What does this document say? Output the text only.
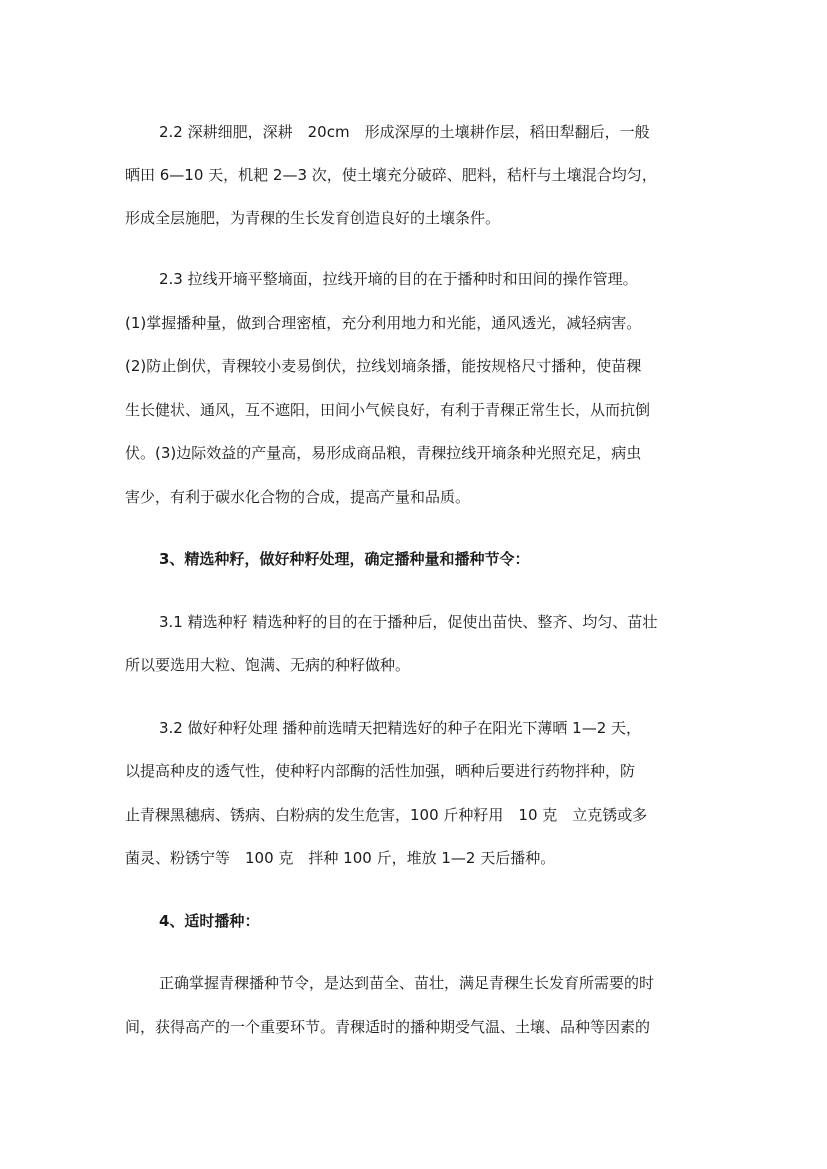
2.2 深耕细肥，深耕　20cm　形成深厚的土壤耕作层，稻田犁翻后，一般
晒田 6—10 天，机耙 2—3 次，使土壤充分破碎、肥料，秸杆与土壤混合均匀，
形成全层施肥，为青稞的生长发育创造良好的土壤条件。
2.3 拉线开墒平整墒面，拉线开墒的目的在于播种时和田间的操作管理。
(1)掌握播种量，做到合理密植，充分利用地力和光能，通风透光，减轻病害。
(2)防止倒伏，青稞较小麦易倒伏，拉线划墒条播，能按规格尺寸播种，使苗稞
生长健状、通风，互不遮阳，田间小气候良好，有利于青稞正常生长，从而抗倒
伏。(3)边际效益的产量高，易形成商品粮，青稞拉线开墒条种光照充足，病虫
害少，有利于碳水化合物的合成，提高产量和品质。
3、精选种籽，做好种籽处理，确定播种量和播种节令：
3.1 精选种籽 精选种籽的目的在于播种后，促使出苗快、整齐、均匀、苗壮
所以要选用大粒、饱满、无病的种籽做种。
3.2 做好种籽处理 播种前选晴天把精选好的种子在阳光下薄晒 1—2 天，
以提高种皮的透气性，使种籽内部酶的活性加强，晒种后要进行药物拌种，防
止青稞黑穗病、锈病、白粉病的发生危害，100 斤种籽用　10 克　立克锈或多
菌灵、粉锈宁等　100 克　拌种 100 斤，堆放 1—2 天后播种。
4、适时播种：
正确掌握青稞播种节令，是达到苗全、苗壮，满足青稞生长发育所需要的时
间，获得高产的一个重要环节。青稞适时的播种期受气温、土壤、品种等因素的
